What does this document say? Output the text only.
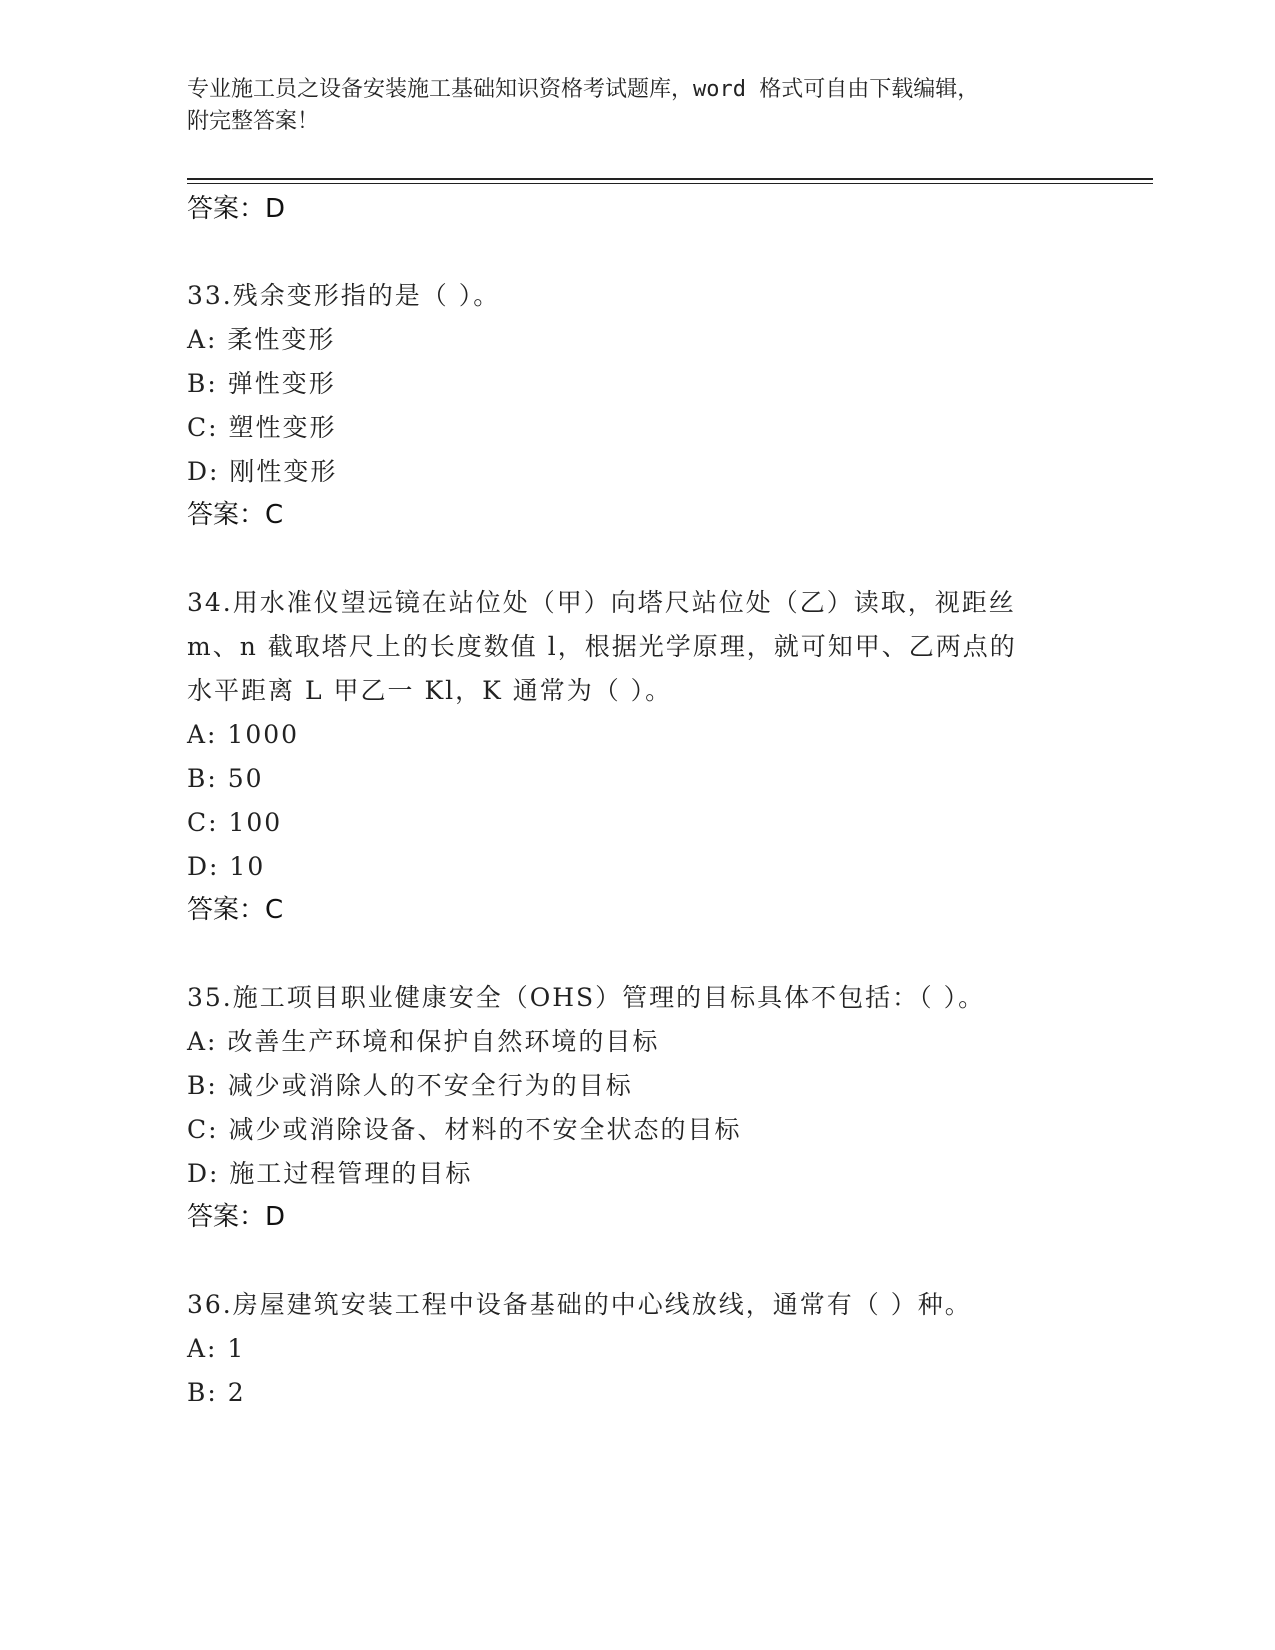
专业施工员之设备安装施工基础知识资格考试题库，word 格式可自由下载编辑，
附完整答案！
答案：D
33.残余变形指的是（ ）。
A: 柔性变形
B: 弹性变形
C: 塑性变形
D: 刚性变形
答案：C
34.用水准仪望远镜在站位处（甲）向塔尺站位处（乙）读取，视距丝
m、n 截取塔尺上的长度数值 l，根据光学原理，就可知甲、乙两点的
水平距离 L 甲乙一 Kl，K 通常为（ ）。
A: 1000
B: 50
C: 100
D: 10
答案：C
35.施工项目职业健康安全（OHS）管理的目标具体不包括：（ ）。
A: 改善生产环境和保护自然环境的目标
B: 减少或消除人的不安全行为的目标
C: 减少或消除设备、材料的不安全状态的目标
D: 施工过程管理的目标
答案：D
36.房屋建筑安装工程中设备基础的中心线放线，通常有（ ）种。
A: 1
B: 2
